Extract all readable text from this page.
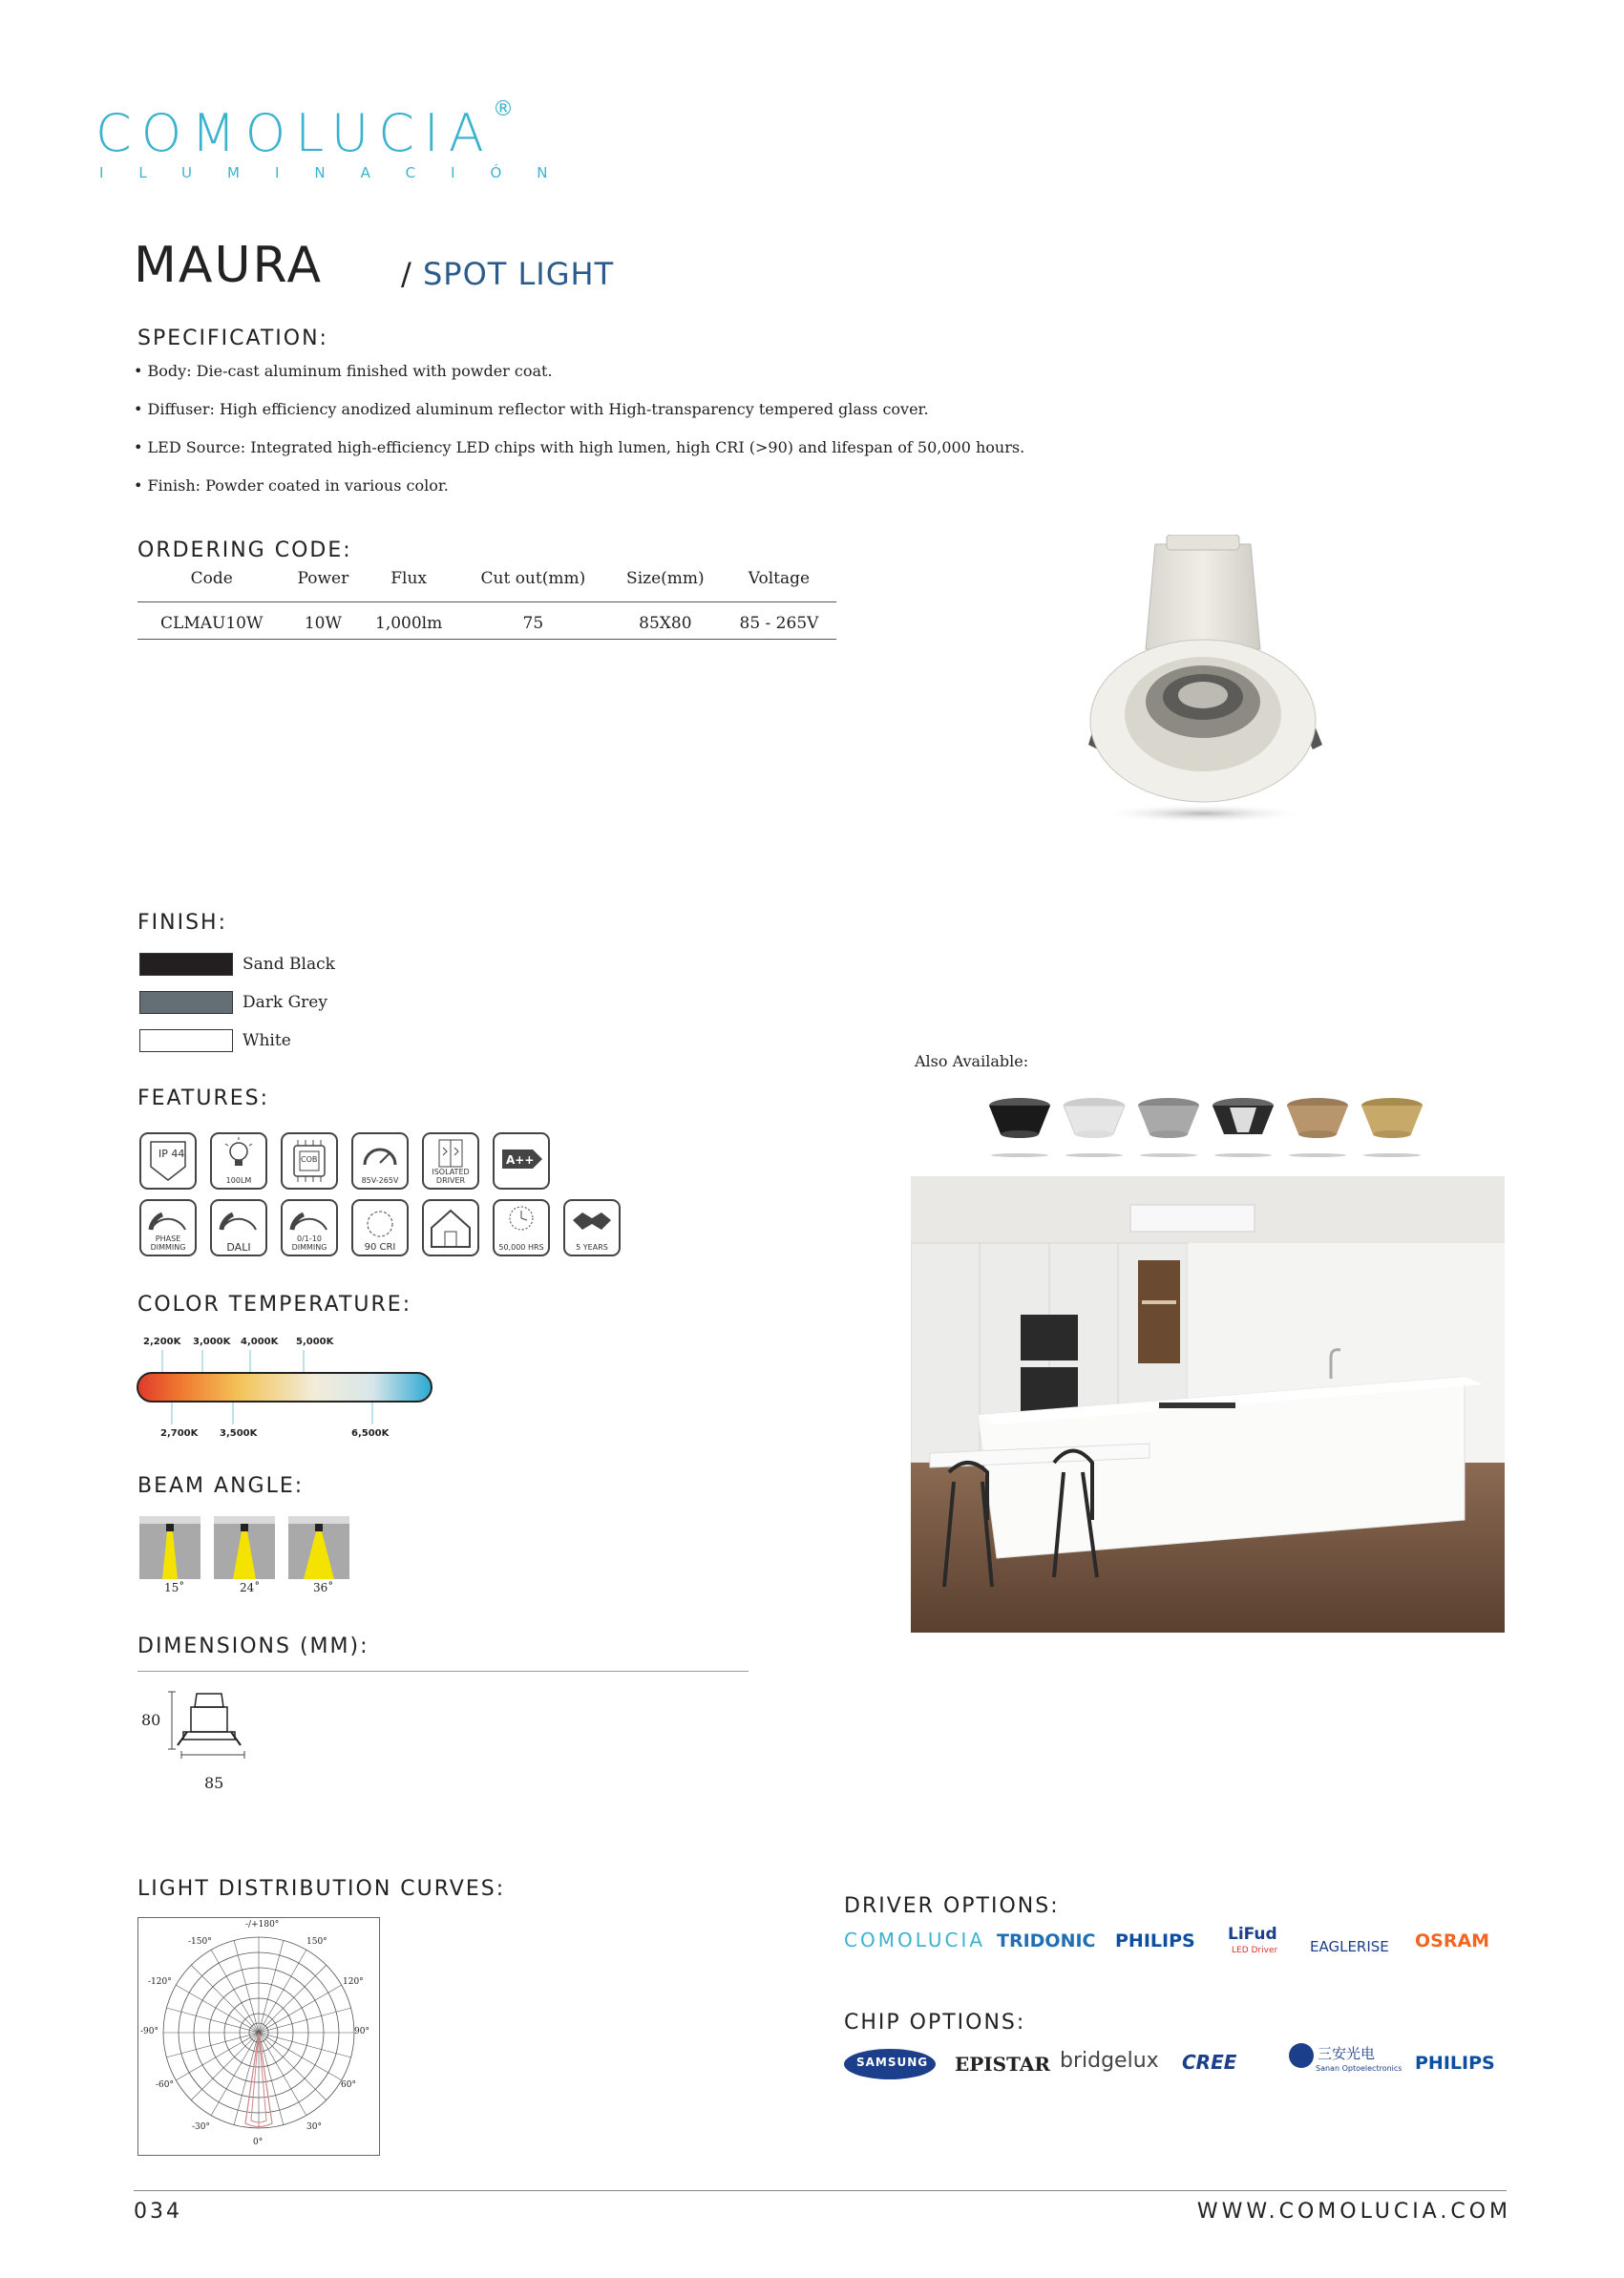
COMOLUCIA
ILUMINACIÓN
®
MAURA	/ SPOT LIGHT
SPECIFICATION:
• Body: Die-cast aluminum finished with powder coat.
• Diffuser: High efficiency anodized aluminum reflector with High-transparency tempered glass cover.
• LED Source: Integrated high-efficiency LED chips with high lumen, high CRI (>90) and lifespan of 50,000 hours.
• Finish: Powder coated in various color.
ORDERING CODE:
Code	Power	Flux	Cut out(mm)	Size(mm)	Voltage
CLMAU10W	10W	1,000lm	75	85X80	85 - 265V
FINISH:
Sand Black
Dark Grey
White
Also Available:
FEATURES:
IP 44
100LM
COB
85V-265V
ISOLATED DRIVER
A++
PHASE DIMMING	DALI
0/1-10 DIMMING	90 CRI	50,000 HRS	5 YEARS
COLOR TEMPERATURE:
2,200K 3,000K 4,000K 5,000K
2,700K 3,500K	6,500K
BEAM ANGLE:
15˚	24˚	36˚
DIMENSIONS (MM):
80
85
LIGHT DISTRIBUTION CURVES:
-/+180°
-150°	150°
-120°	120°
-90°	90°
-60°	60°
-30°	30°
0°
DRIVER OPTIONS:
COMOLUCIA TRIDONIC PHILIPS LiFud
LED Driver EAGLERISE OSRAM
CHIP OPTIONS:
SAMSUNG EPISTAR bridgelux CREE	三安光电
Sanan Optoelectronics PHILIPS
034	WWW.COMOLUCIA.COM
